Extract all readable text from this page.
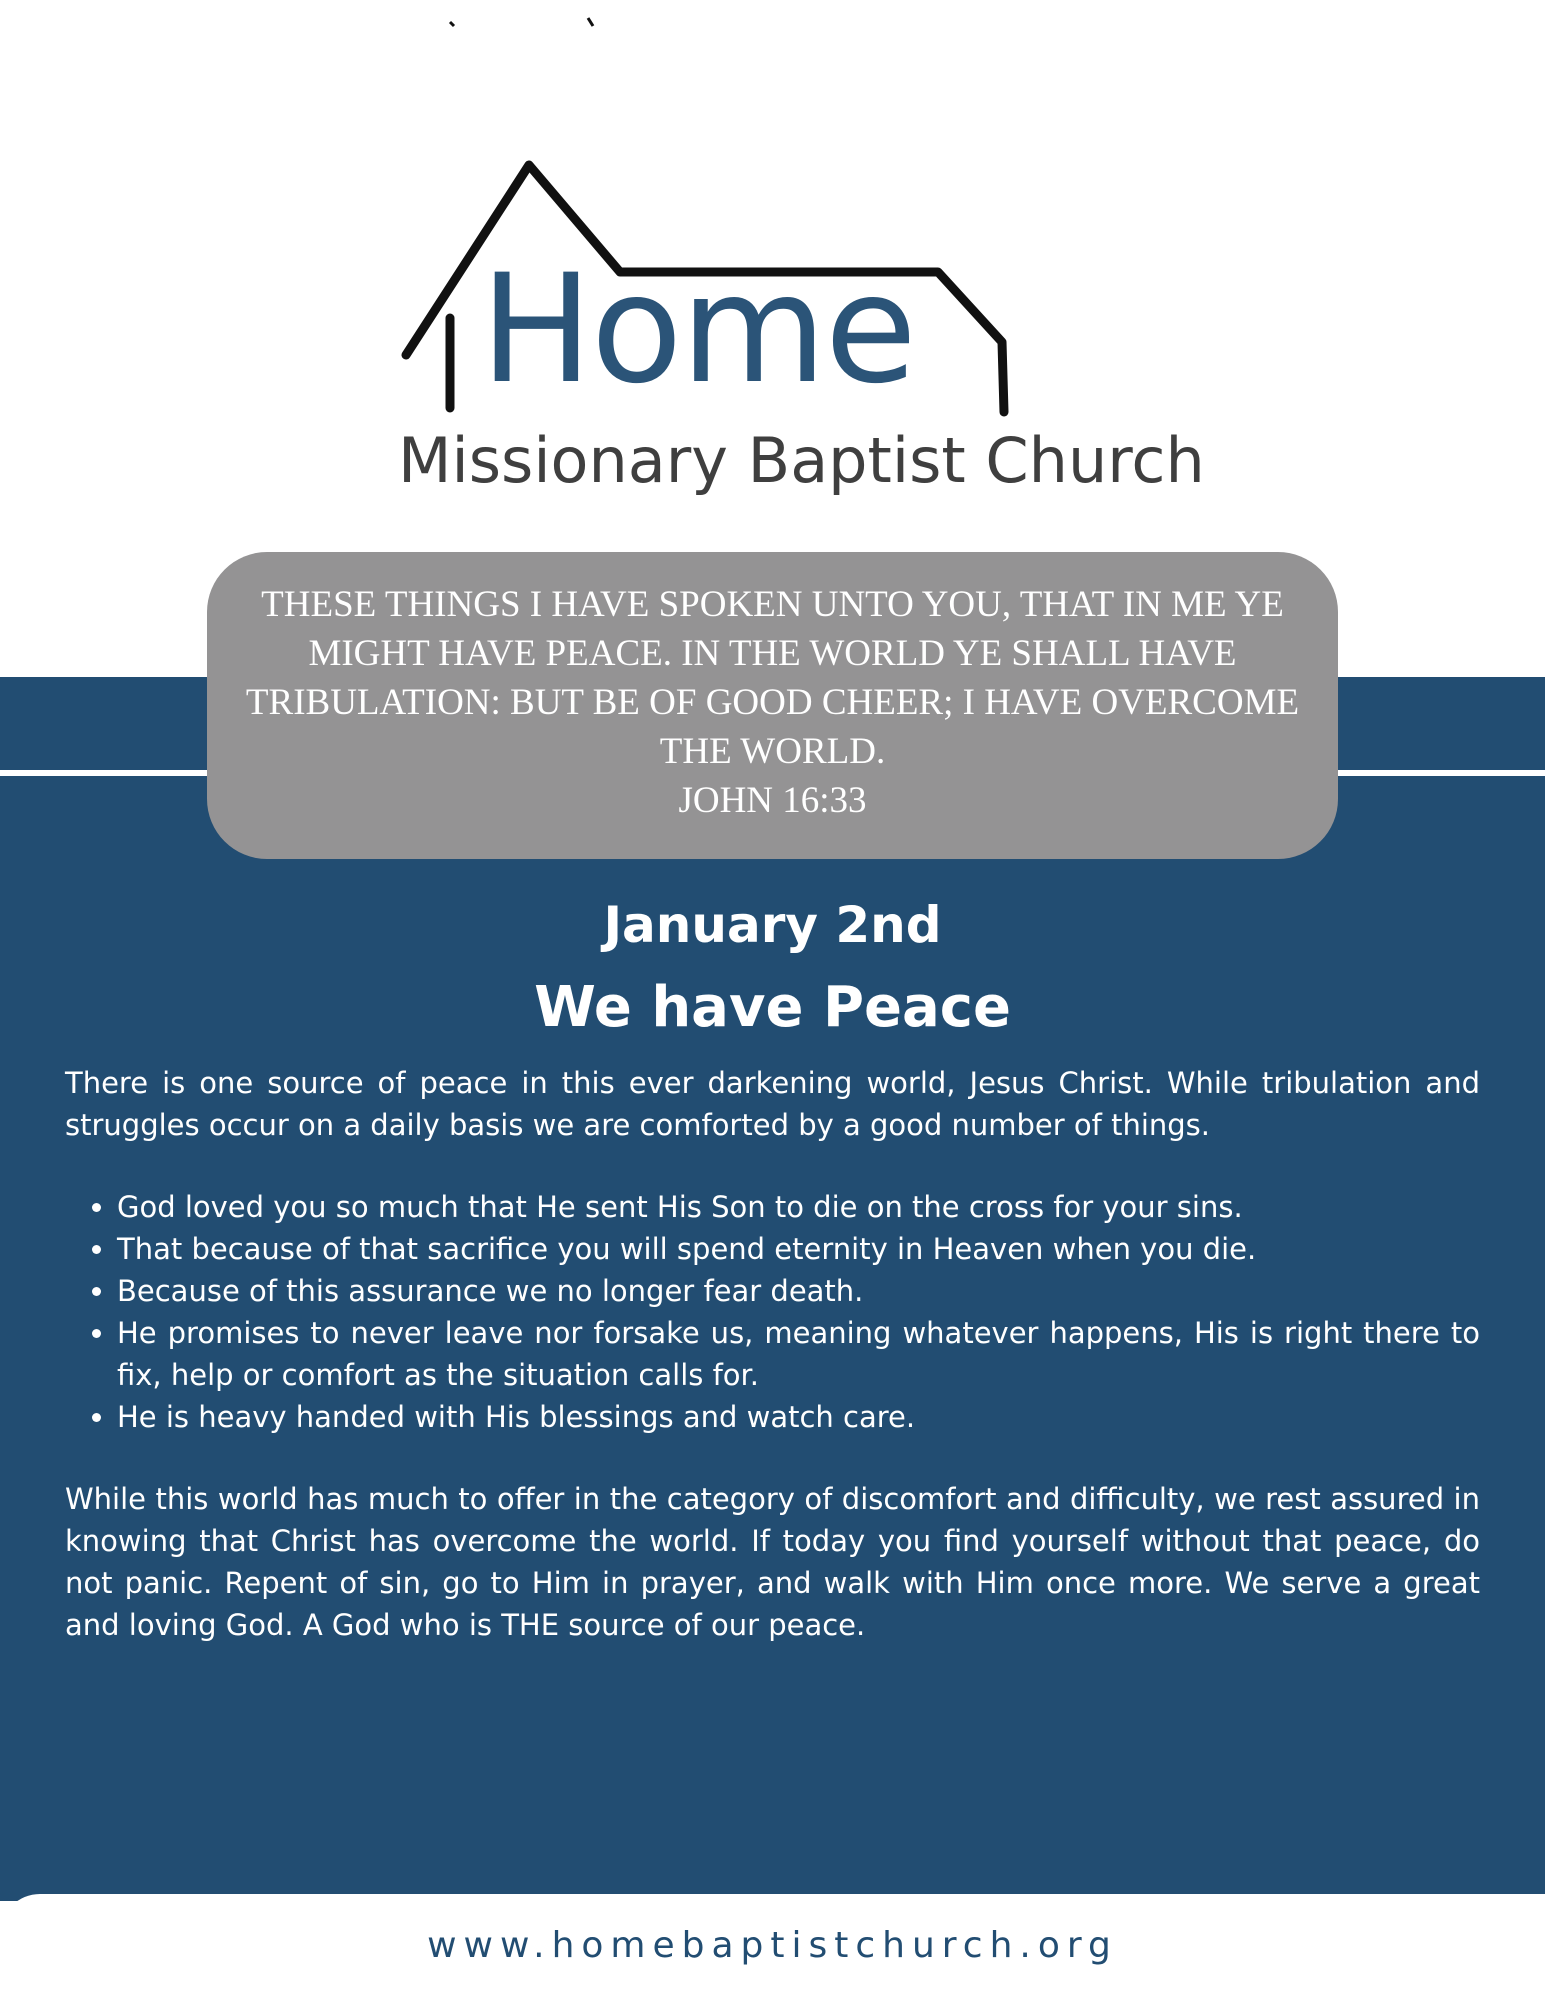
Home
Missionary Baptist Church
THESE THINGS I HAVE SPOKEN UNTO YOU, THAT IN ME YE MIGHT HAVE PEACE. IN THE WORLD YE SHALL HAVE TRIBULATION: BUT BE OF GOOD CHEER; I HAVE OVERCOME THE WORLD.
JOHN 16:33
January 2nd
We have Peace

There is one source of peace in this ever darkening world, Jesus Christ. While tribulation and struggles occur on a daily basis we are comforted by a good number of things.

• God loved you so much that He sent His Son to die on the cross for your sins.
• That because of that sacrifice you will spend eternity in Heaven when you die.
• Because of this assurance we no longer fear death.
• He promises to never leave nor forsake us, meaning whatever happens, His is right there to fix, help or comfort as the situation calls for.
• He is heavy handed with His blessings and watch care.

While this world has much to offer in the category of discomfort and difficulty, we rest assured in knowing that Christ has overcome the world. If today you find yourself without that peace, do not panic. Repent of sin, go to Him in prayer, and walk with Him once more. We serve a great and loving God. A God who is THE source of our peace.

www.homebaptistchurch.org
